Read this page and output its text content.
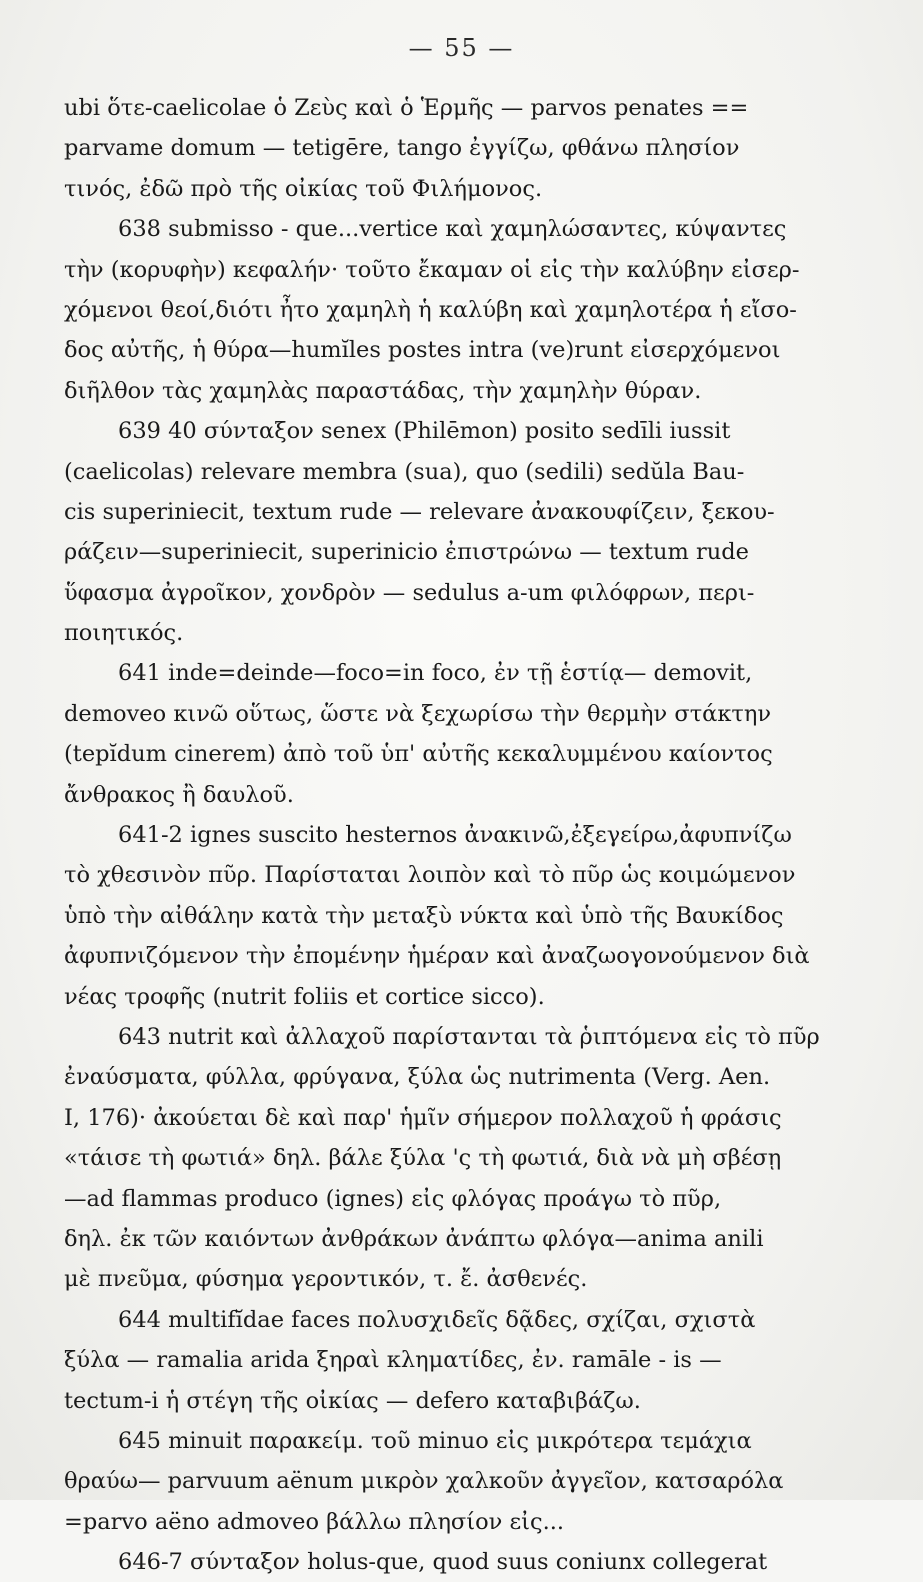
— 55 —
ubi ὅτε-caelicolae ὁ Ζεὺς καὶ ὁ Ἑρμῆς — parvos penates ==
parvame domum — tetigēre, tango ἐγγίζω, φθάνω πλησίον
τινός, ἐδῶ πρὸ τῆς οἰκίας τοῦ Φιλήμονος.
638 submisso - que...vertice καὶ χαμηλώσαντες, κύψαντες
τὴν (κορυφὴν) κεφαλήν· τοῦτο ἔκαμαν οἱ εἰς τὴν καλύβην εἰσερ-
χόμενοι θεοί,διότι ἦτο χαμηλὴ ἡ καλύβη καὶ χαμηλοτέρα ἡ εἴσο-
δος αὐτῆς, ἡ θύρα—humĭles postes intra (ve)runt εἰσερχόμενοι
διῆλθον τὰς χαμηλὰς παραστάδας, τὴν χαμηλὴν θύραν.
639 40 σύνταξον senex (Philēmon) posito sedīli iussit
(caelicolas) relevare membra (sua), quo (sedili) sedŭla Bau-
cis superiniecit, textum rude — relevare ἀνακουφίζειν, ξεκου-
ράζειν—superiniecit, superinicio ἐπιστρώνω — textum rude
ὕφασμα ἀγροῖκον, χονδρὸν — sedulus a-um φιλόφρων, περι-
ποιητικός.
641 inde=deinde—foco=in foco, ἐν τῇ ἑστίᾳ— demovit,
demoveo κινῶ οὕτως, ὥστε νὰ ξεχωρίσω τὴν θερμὴν στάκτην
(tepĭdum cinerem) ἀπὸ τοῦ ὑπ' αὐτῆς κεκαλυμμένου καίοντος
ἄνθρακος ἢ δαυλοῦ.
641-2 ignes suscito hesternos ἀνακινῶ,ἐξεγείρω,ἀφυπνίζω
τὸ χθεσινὸν πῦρ. Παρίσταται λοιπὸν καὶ τὸ πῦρ ὡς κοιμώμενον
ὑπὸ τὴν αἰθάλην κατὰ τὴν μεταξὺ νύκτα καὶ ὑπὸ τῆς Βαυκίδος
ἀφυπνιζόμενον τὴν ἐπομένην ἡμέραν καὶ ἀναζωογονούμενον διὰ
νέας τροφῆς (nutrit foliis et cortice sicco).
643 nutrit καὶ ἀλλαχοῦ παρίστανται τὰ ῥιπτόμενα εἰς τὸ πῦρ
ἐναύσματα, φύλλα, φρύγανα, ξύλα ὡς nutrimenta (Verg. Aen.
I, 176)· ἀκούεται δὲ καὶ παρ' ἡμῖν σήμερον πολλαχοῦ ἡ φράσις
«τάισε τὴ φωτιά» δηλ. βάλε ξύλα 'ς τὴ φωτιά, διὰ νὰ μὴ σβέσῃ
—ad flammas produco (ignes) εἰς φλόγας προάγω τὸ πῦρ,
δηλ. ἐκ τῶν καιόντων ἀνθράκων ἀνάπτω φλόγα—anima anili
μὲ πνεῦμα, φύσημα γεροντικόν, τ. ἔ. ἀσθενές.
644 multifĭdae faces πολυσχιδεῖς δᾷδες, σχίζαι, σχιστὰ
ξύλα — ramalia arida ξηραὶ κληματίδες, ἐν. ramāle - is —
tectum-i ἡ στέγη τῆς οἰκίας — defero καταβιβάζω.
645 minuit παρακείμ. τοῦ minuo εἰς μικρότερα τεμάχια
θραύω— parvuum aënum μικρὸν χαλκοῦν ἀγγεῖον, κατσαρόλα
=parvo aëno admoveo βάλλω πλησίον εἰς...
646-7 σύνταξον holus-que, quod suus coniunx collegerat
